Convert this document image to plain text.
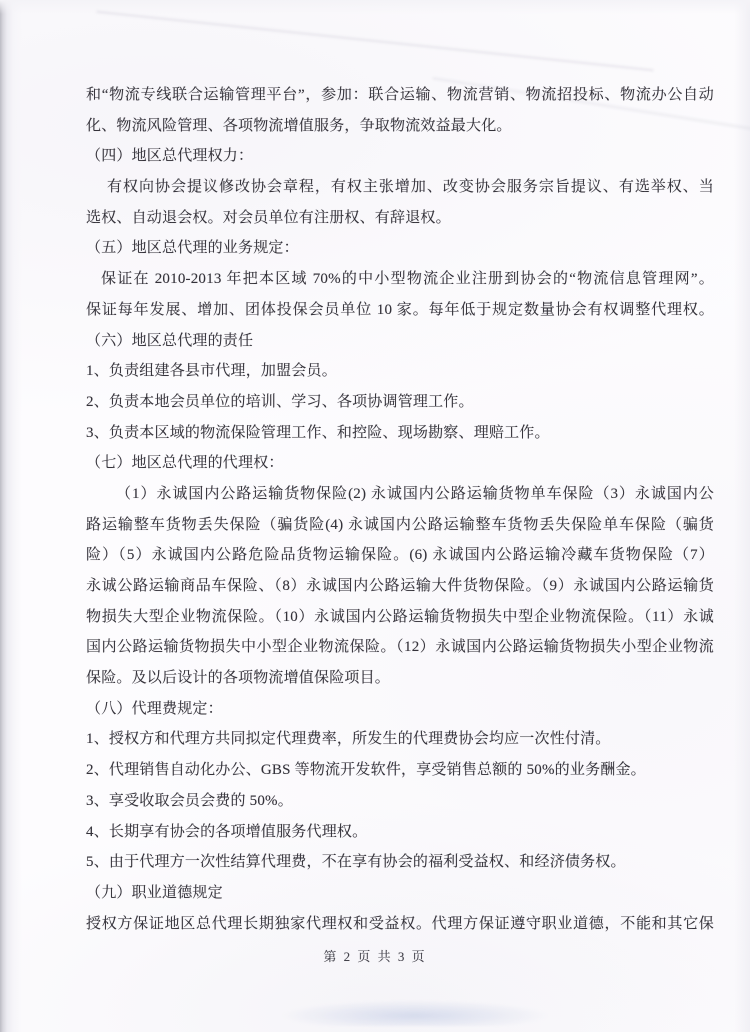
和“物流专线联合运输管理平台”，参加：联合运输、物流营销、物流招投标、物流办公自动
化、物流风险管理、各项物流增值服务，争取物流效益最大化。
（四）地区总代理权力：
有权向协会提议修改协会章程，有权主张增加、改变协会服务宗旨提议、有选举权、当
选权、自动退会权。对会员单位有注册权、有辞退权。
（五）地区总代理的业务规定：
保证在 2010-2013 年把本区域 70%的中小型物流企业注册到协会的“物流信息管理网”。
保证每年发展、增加、团体投保会员单位 10 家。每年低于规定数量协会有权调整代理权。
（六）地区总代理的责任
1、负责组建各县市代理，加盟会员。
2、负责本地会员单位的培训、学习、各项协调管理工作。
3、负责本区域的物流保险管理工作、和控险、现场勘察、理赔工作。
（七）地区总代理的代理权：
（1）永诚国内公路运输货物保险(2) 永诚国内公路运输货物单车保险（3）永诚国内公
路运输整车货物丢失保险（骗货险(4) 永诚国内公路运输整车货物丢失保险单车保险（骗货
险）（5）永诚国内公路危险品货物运输保险。(6) 永诚国内公路运输冷藏车货物保险（7）
永诚公路运输商品车保险、（8）永诚国内公路运输大件货物保险。（9）永诚国内公路运输货
物损失大型企业物流保险。（10）永诚国内公路运输货物损失中型企业物流保险。（11）永诚
国内公路运输货物损失中小型企业物流保险。（12）永诚国内公路运输货物损失小型企业物流
保险。及以后设计的各项物流增值保险项目。
（八）代理费规定：
1、授权方和代理方共同拟定代理费率，所发生的代理费协会均应一次性付清。
2、代理销售自动化办公、GBS 等物流开发软件，享受销售总额的 50%的业务酬金。
3、享受收取会员会费的 50%。
4、长期享有协会的各项增值服务代理权。
5、由于代理方一次性结算代理费，不在享有协会的福利受益权、和经济债务权。
（九）职业道德规定
授权方保证地区总代理长期独家代理权和受益权。代理方保证遵守职业道德，不能和其它保
第 2 页 共 3 页
